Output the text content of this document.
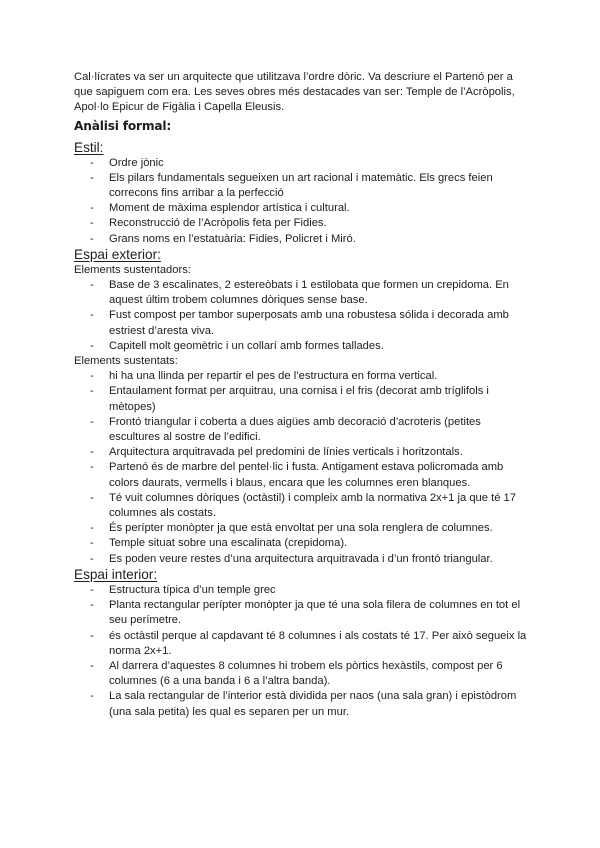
Cal·lícrates va ser un arquitecte que utilitzava l’ordre dòric. Va descriure el Partenó per a que sapiguem com era. Les seves obres més destacades van ser: Temple de l’Acròpolis, Apol·lo Epicur de Figàlia i Capella Eleusis.

Anàlisi formal:
Estil:
- Ordre jònic
- Els pilars fundamentals segueixen un art racional i matemàtic. Els grecs feien correcons fins arribar a la perfecció
- Moment de màxima esplendor artística i cultural.
- Reconstrucció de l’Acròpolis feta per Fidies.
- Grans noms en l’estatuària: Fidies, Policret i Miró.
Espai exterior:

Elements sustentadors:

- Base de 3 escalinates, 2 estereòbats i 1 estilobata que formen un crepidoma. En aquest últim trobem columnes dòriques sense base.
- Fust compost per tambor superposats amb una robustesa sólida i decorada amb estriest d’aresta viva.
- Capitell molt geomètric i un collarí amb formes tallades.

Elements sustentats:

- hi ha una llinda per repartir el pes de l’estructura en forma vertical.
- Entaulament format per arquitrau, una cornisa i el fris (decorat amb tríglifols i mètopes)
- Frontó triangular i coberta a dues aigües amb decoració d’acroteris (petites escultures al sostre de l’edifici.
- Arquitectura arquitravada pel predomini de línies verticals i horitzontals.
- Partenó és de marbre del pentel·lic i fusta. Antigament estava policromada amb colors daurats, vermells i blaus, encara que les columnes eren blanques.
- Té vuit columnes dòriques (octàstil) i compleix amb la normativa 2x+1 ja que té 17 columnes als costats.
- És perípter monòpter ja que està envoltat per una sola renglera de columnes.
- Temple situat sobre una escalinata (crepidoma).
- Es poden veure restes d’una arquitectura arquitravada i d’un frontó triangular.
Espai interior:
- Estructura típica d’un temple grec
- Planta rectangular perípter monòpter ja que té una sola filera de columnes en tot el seu perímetre.
- és octàstil perque al capdavant té 8 columnes i als costats té 17. Per això segueix la norma 2x+1.
- Al darrera d’aquestes 8 columnes hi trobem els pòrtics hexàstils, compost per 6 columnes (6 a una banda i 6 a l’altra banda).
- La sala rectangular de l’interior està dividida per naos (una sala gran) i epistòdrom (una sala petita) les qual es separen per un mur.
